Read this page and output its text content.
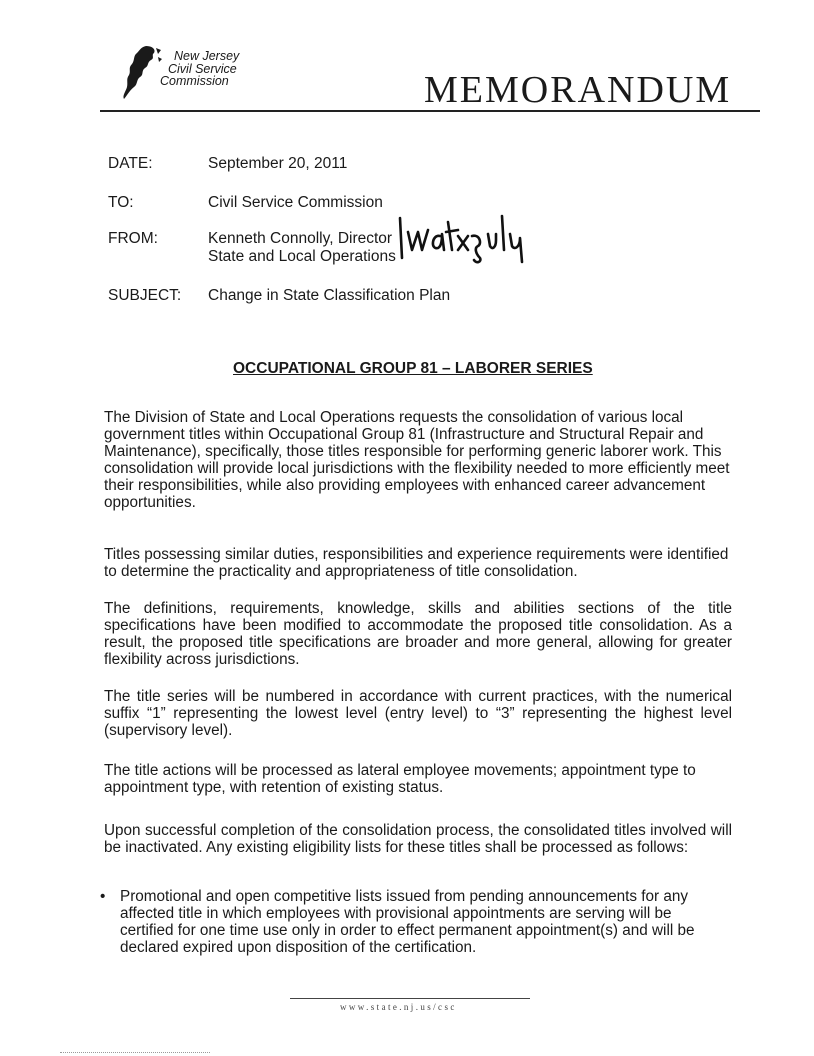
New Jersey
Civil Service
Commission	MEMORANDUM
DATE:	September 20, 2011
TO:	Civil Service Commission
FROM:	Kenneth Connolly, Director
State and Local Operations
SUBJECT:	Change in State Classification Plan
OCCUPATIONAL GROUP 81 – LABORER SERIES

The Division of State and Local Operations requests the consolidation of various local government titles within Occupational Group 81 (Infrastructure and Structural Repair and Maintenance), specifically, those titles responsible for performing generic laborer work. This consolidation will provide local jurisdictions with the flexibility needed to more efficiently meet their responsibilities, while also providing employees with enhanced career advancement opportunities.

Titles possessing similar duties, responsibilities and experience requirements were identified to determine the practicality and appropriateness of title consolidation.

The definitions, requirements, knowledge, skills and abilities sections of the title specifications have been modified to accommodate the proposed title consolidation. As a result, the proposed title specifications are broader and more general, allowing for greater flexibility across jurisdictions.

The title series will be numbered in accordance with current practices, with the numerical suffix “1” representing the lowest level (entry level) to “3” representing the highest level (supervisory level).

The title actions will be processed as lateral employee movements; appointment type to appointment type, with retention of existing status.

Upon successful completion of the consolidation process, the consolidated titles involved will be inactivated. Any existing eligibility lists for these titles shall be processed as follows:

• Promotional and open competitive lists issued from pending announcements for any affected title in which employees with provisional appointments are serving will be certified for one time use only in order to effect permanent appointment(s) and will be declared expired upon disposition of the certification.
www.state.nj.us/csc
